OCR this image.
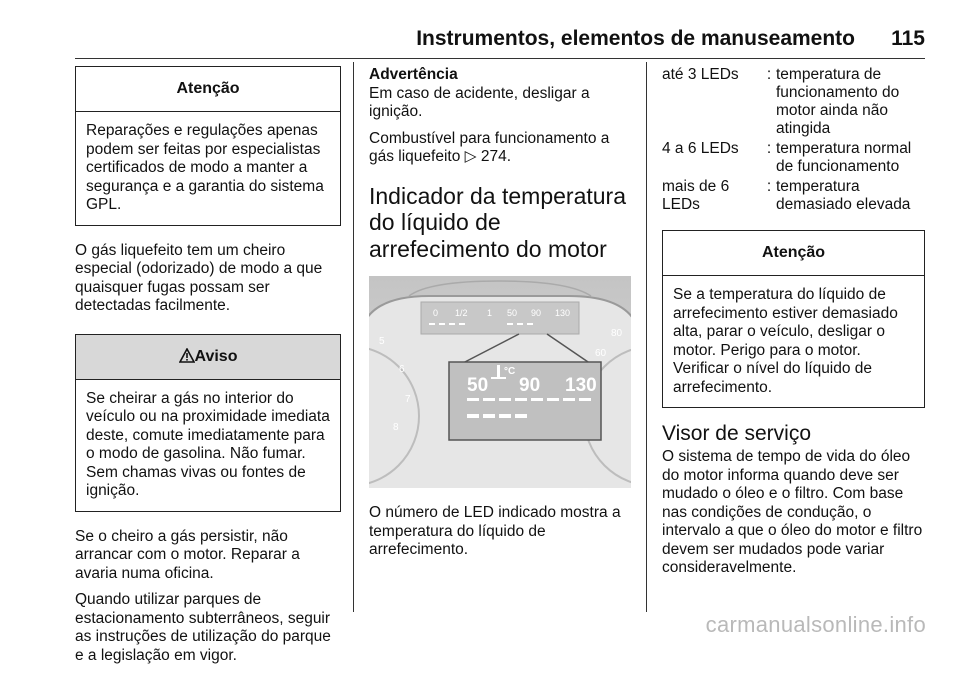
Instrumentos, elementos de manuseamento 115
Atenção
Reparações e regulações apenas podem ser feitas por especialistas certificados de modo a manter a segurança e a garantia do sistema GPL.

O gás liquefeito tem um cheiro especial (odorizado) de modo a que quaisquer fugas possam ser detectadas facilmente.

Aviso
Se cheirar a gás no interior do veículo ou na proximidade imediata deste, comute imediatamente para o modo de gasolina. Não fumar. Sem chamas vivas ou fontes de ignição.

Se o cheiro a gás persistir, não arrancar com o motor. Reparar a avaria numa oficina.

Quando utilizar parques de estacionamento subterrâneos, seguir as instruções de utilização do parque e a legislação em vigor.

Advertência

Em caso de acidente, desligar a ignição.

Combustível para funcionamento a gás liquefeito ▷ 274.

Indicador da temperatura do líquido de arrefecimento do motor
0 1/2 1 50 90 130
5
6
7
8
80
60
50 90 130
°C

O número de LED indicado mostra a temperatura do líquido de arrefecimento.

até 3 LEDs	:	temperatura de funcionamento do motor ainda não atingida
4 a 6 LEDs	:	temperatura normal de funcionamento
mais de 6 LEDs	:	temperatura demasiado elevada
Atenção
Se a temperatura do líquido de arrefecimento estiver demasiado alta, parar o veículo, desligar o motor. Perigo para o motor. Verificar o nível do líquido de arrefecimento.
Visor de serviço

O sistema de tempo de vida do óleo do motor informa quando deve ser mudado o óleo e o filtro. Com base nas condições de condução, o intervalo a que o óleo do motor e filtro devem ser mudados pode variar consideravelmente.

carmanualsonline.info
